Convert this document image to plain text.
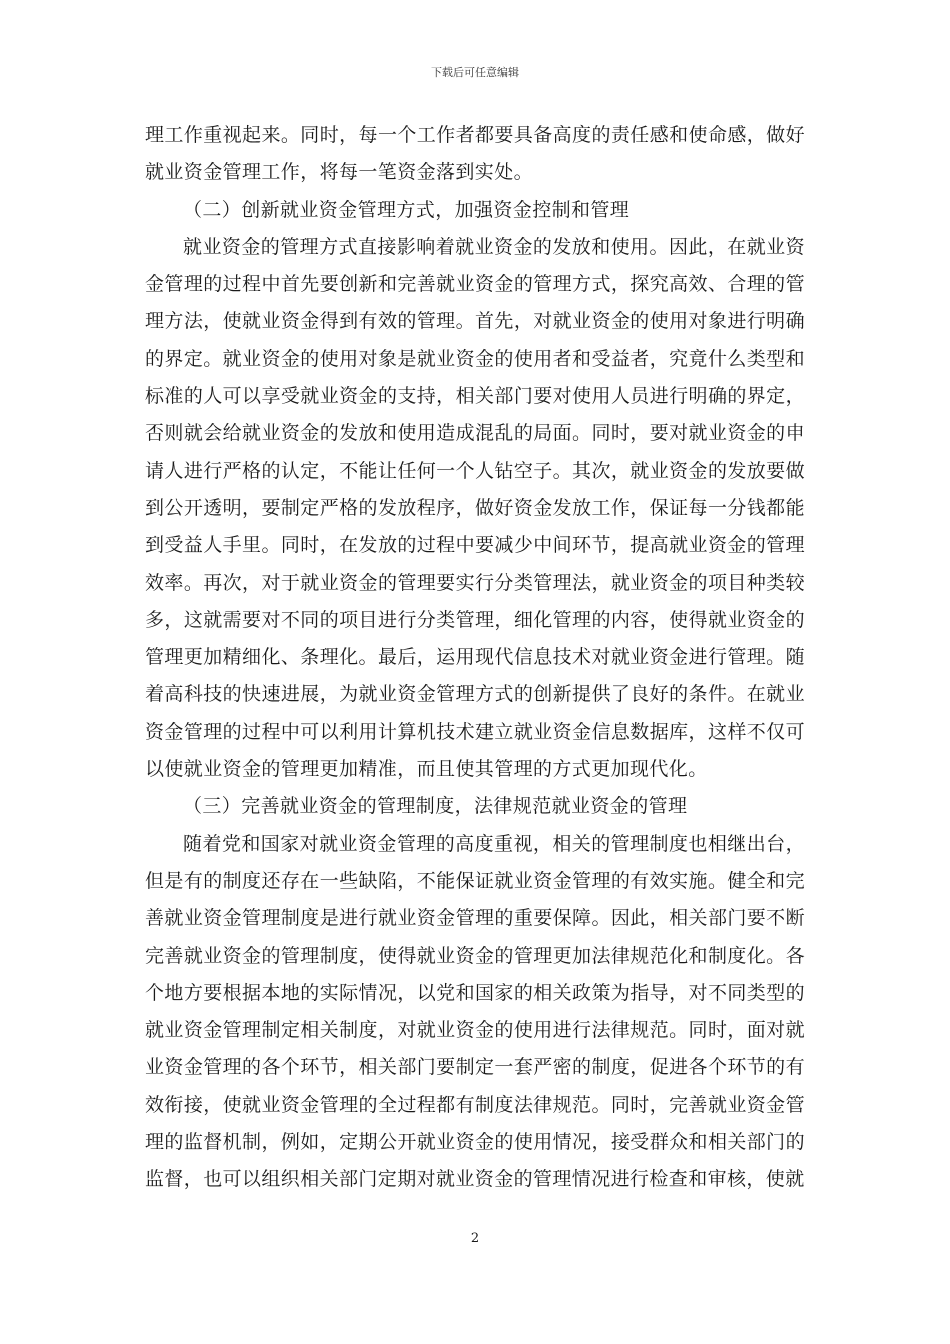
下载后可任意编辑

理工作重视起来。同时，每一个工作者都要具备高度的责任感和使命感，做好就业资金管理工作，将每一笔资金落到实处。

（二）创新就业资金管理方式，加强资金控制和管理

就业资金的管理方式直接影响着就业资金的发放和使用。因此，在就业资金管理的过程中首先要创新和完善就业资金的管理方式，探究高效、合理的管理方法，使就业资金得到有效的管理。首先，对就业资金的使用对象进行明确的界定。就业资金的使用对象是就业资金的使用者和受益者，究竟什么类型和标准的人可以享受就业资金的支持，相关部门要对使用人员进行明确的界定，否则就会给就业资金的发放和使用造成混乱的局面。同时，要对就业资金的申请人进行严格的认定，不能让任何一个人钻空子。其次，就业资金的发放要做到公开透明，要制定严格的发放程序，做好资金发放工作，保证每一分钱都能到受益人手里。同时，在发放的过程中要减少中间环节，提高就业资金的管理效率。再次，对于就业资金的管理要实行分类管理法，就业资金的项目种类较多，这就需要对不同的项目进行分类管理，细化管理的内容，使得就业资金的管理更加精细化、条理化。最后，运用现代信息技术对就业资金进行管理。随着高科技的快速进展，为就业资金管理方式的创新提供了良好的条件。在就业资金管理的过程中可以利用计算机技术建立就业资金信息数据库，这样不仅可以使就业资金的管理更加精准，而且使其管理的方式更加现代化。

（三）完善就业资金的管理制度，法律规范就业资金的管理

随着党和国家对就业资金管理的高度重视，相关的管理制度也相继出台，但是有的制度还存在一些缺陷，不能保证就业资金管理的有效实施。健全和完善就业资金管理制度是进行就业资金管理的重要保障。因此，相关部门要不断完善就业资金的管理制度，使得就业资金的管理更加法律规范化和制度化。各个地方要根据本地的实际情况，以党和国家的相关政策为指导，对不同类型的就业资金管理制定相关制度，对就业资金的使用进行法律规范。同时，面对就业资金管理的各个环节，相关部门要制定一套严密的制度，促进各个环节的有效衔接，使就业资金管理的全过程都有制度法律规范。同时，完善就业资金管理的监督机制，例如，定期公开就业资金的使用情况，接受群众和相关部门的监督，也可以组织相关部门定期对就业资金的管理情况进行检查和审核，使就

2
